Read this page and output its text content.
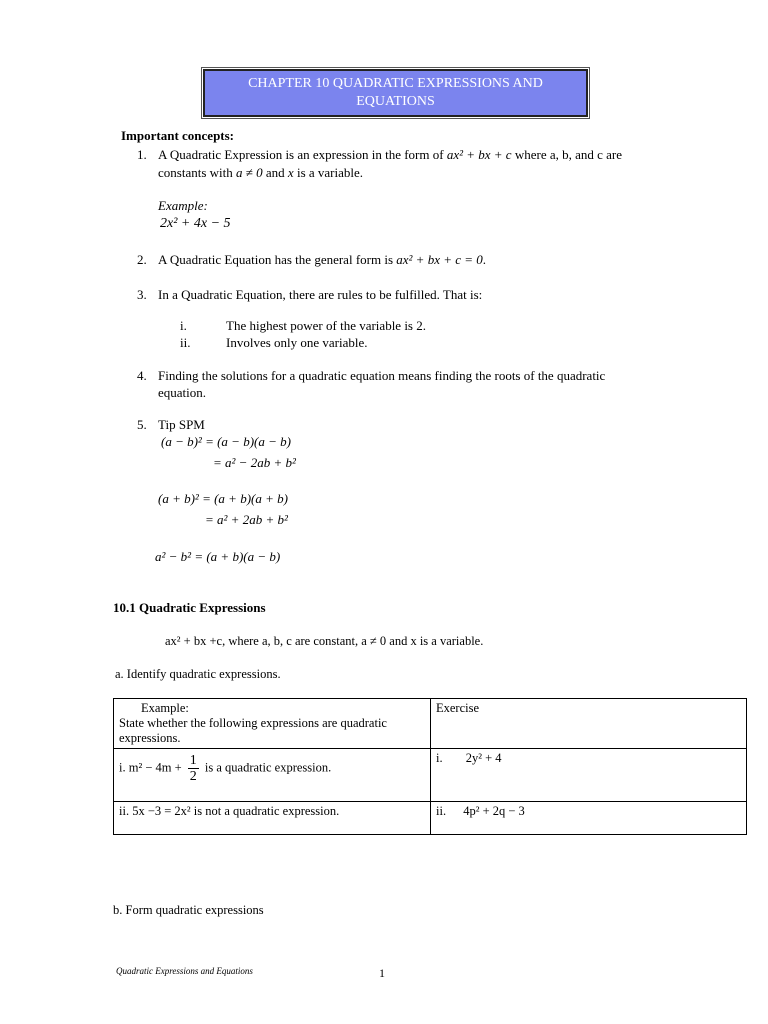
CHAPTER 10 QUADRATIC EXPRESSIONS AND
EQUATIONS
Important concepts:
1. A Quadratic Expression is an expression in the form of ax² + bx + c where a, b, and c are
constants with a ≠ 0 and x is a variable.
Example:
2x² + 4x − 5
2. A Quadratic Equation has the general form is ax² + bx + c = 0.
3. In a Quadratic Equation, there are rules to be fulfilled. That is:
i.	The highest power of the variable is 2.
ii.	Involves only one variable.
4. Finding the solutions for a quadratic equation means finding the roots of the quadratic
equation.
5. Tip SPM
(a − b)² = (a − b)(a − b)
= a² − 2ab + b²
(a + b)² = (a + b)(a + b)
= a² + 2ab + b²
a² − b² = (a + b)(a − b)
10.1 Quadratic Expressions
ax² + bx +c, where a, b, c are constant, a ≠ 0 and x is a variable.
a. Identify quadratic expressions.
Example:
State whether the following expressions are quadratic expressions.	Exercise

i. $m^2 - 4m + \frac{1}{2}$ is a quadratic expression.	i. 2y² + 4

ii. 5x −3 = 2x² is not a quadratic expression.	ii. 4p² + 2q − 3
b. Form quadratic expressions
Quadratic Expressions and Equations	1
